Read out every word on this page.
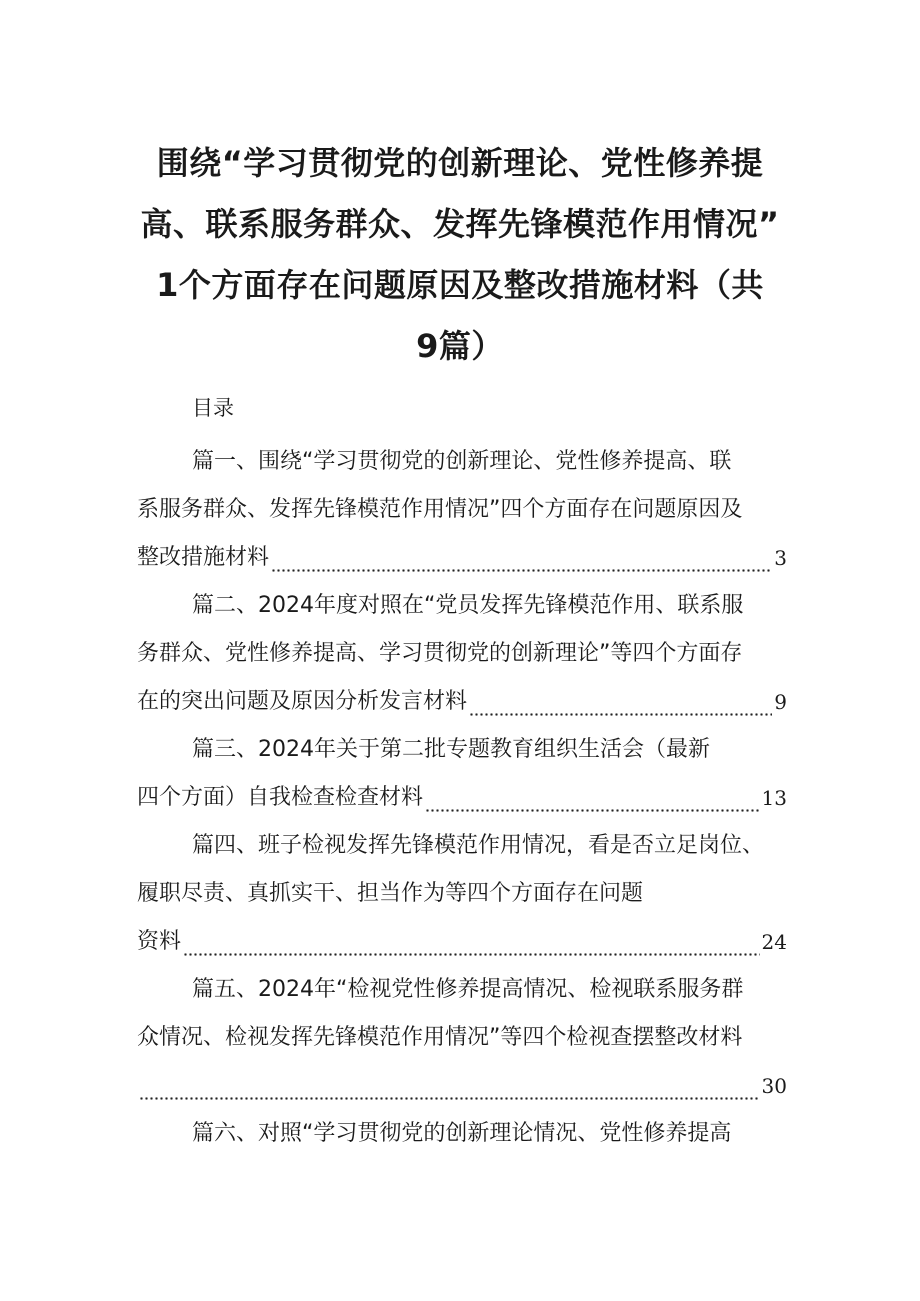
围绕“学习贯彻党的创新理论、党性修养提
高、联系服务群众、发挥先锋模范作用情况”
1个方面存在问题原因及整改措施材料（共
9篇）
目录
篇一、围绕“学习贯彻党的创新理论、党性修养提高、联
系服务群众、发挥先锋模范作用情况”四个方面存在问题原因及
整改措施材料	3
篇二、2024年度对照在“党员发挥先锋模范作用、联系服
务群众、党性修养提高、学习贯彻党的创新理论”等四个方面存
在的突出问题及原因分析发言材料	9
篇三、2024年关于第二批专题教育组织生活会（最新
四个方面）自我检查检查材料	13
篇四、班子检视发挥先锋模范作用情况，看是否立足岗位、
履职尽责、真抓实干、担当作为等四个方面存在问题
资料	24
篇五、2024年“检视党性修养提高情况、检视联系服务群
众情况、检视发挥先锋模范作用情况”等四个检视查摆整改材料
30
篇六、对照“学习贯彻党的创新理论情况、党性修养提高
